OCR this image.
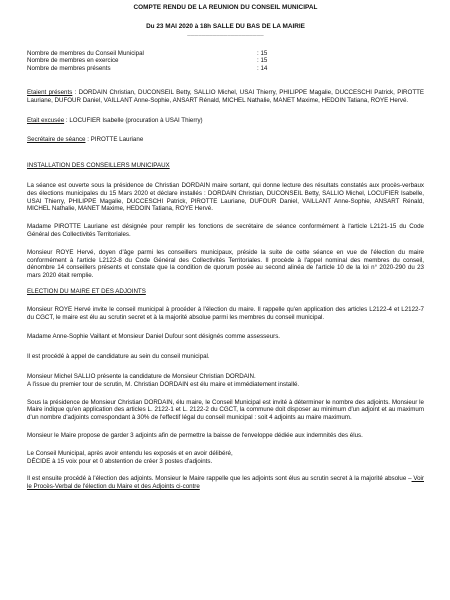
COMPTE RENDU DE LA REUNION DU CONSEIL MUNICIPAL
Du 23 MAI 2020 à 18h SALLE DU BAS DE LA MAIRIE
_____________________
Nombre de membres du Conseil Municipal	: 15
Nombre de membres en exercice	: 15
Nombre de membres présents	: 14

Etaient présents : DORDAIN Christian, DUCONSEIL Betty, SALLIO Michel, USAI Thierry, PHILIPPE Magalie, DUCCESCHI Patrick, PIROTTE Lauriane, DUFOUR Daniel, VAILLANT Anne-Sophie, ANSART Rénald, MICHEL Nathalie, MANET Maxime, HEDOIN Tatiana, ROYE Hervé.

Etait excusée : LOCUFIER Isabelle (procuration à USAI Thierry)

Secrétaire de séance : PIROTTE Lauriane

INSTALLATION DES CONSEILLERS MUNICIPAUX

La séance est ouverte sous la présidence de Christian DORDAIN maire sortant, qui donne lecture des résultats constatés aux procès-verbaux des élections municipales du 15 Mars 2020 et déclare installés : DORDAIN Christian, DUCONSEIL Betty, SALLIO Michel, LOCUFIER Isabelle, USAI Thierry, PHILIPPE Magalie, DUCCESCHI Patrick, PIROTTE Lauriane, DUFOUR Daniel, VAILLANT Anne-Sophie, ANSART Rénald, MICHEL Nathalie, MANET Maxime, HEDOIN Tatiana, ROYE Hervé.

Madame PIROTTE Lauriane est désignée pour remplir les fonctions de secrétaire de séance conformément à l'article L2121-15 du Code Général des Collectivités Territoriales.

Monsieur ROYE Hervé, doyen d'âge parmi les conseillers municipaux, préside la suite de cette séance en vue de l'élection du maire conformément à l'article L2122-8 du Code Général des Collectivités Territoriales. Il procède à l'appel nominal des membres du conseil, dénombre 14 conseillers présents et constate que la condition de quorum posée au second alinéa de l'article 10 de la loi n° 2020-290 du 23 mars 2020 était remplie.

ELECTION DU MAIRE ET DES ADJOINTS

Monsieur ROYE Hervé invite le conseil municipal à procéder à l'élection du maire. Il rappelle qu'en application des articles L2122-4 et L2122-7 du CGCT, le maire est élu au scrutin secret et à la majorité absolue parmi les membres du conseil municipal.

Madame Anne-Sophie Vaillant et Monsieur Daniel Dufour sont désignés comme assesseurs.

Il est procédé à appel de candidature au sein du conseil municipal.

Monsieur Michel SALLIO présente la candidature de Monsieur Christian DORDAIN.

A l'issue du premier tour de scrutin, M. Christian DORDAIN est élu maire et immédiatement installé.

Sous la présidence de Monsieur Christian DORDAIN, élu maire, le Conseil Municipal est invité à déterminer le nombre des adjoints. Monsieur le Maire indique qu'en application des articles L. 2122-1 et L. 2122-2 du CGCT, la commune doit disposer au minimum d'un adjoint et au maximum d'un nombre d'adjoints correspondant à 30% de l'effectif légal du conseil municipal : soit 4 adjoints au maire maximum.

Monsieur le Maire propose de garder 3 adjoints afin de permettre la baisse de l'enveloppe dédiée aux indemnités des élus.

Le Conseil Municipal, après avoir entendu les exposés et en avoir délibéré,

DÉCIDE à 15 voix pour et 0 abstention de créer 3 postes d'adjoints.

Il est ensuite procédé à l'élection des adjoints. Monsieur le Maire rappelle que les adjoints sont élus au scrutin secret à la majorité absolue – Voir le Procès-Verbal de l'élection du Maire et des Adjoints ci-contre
